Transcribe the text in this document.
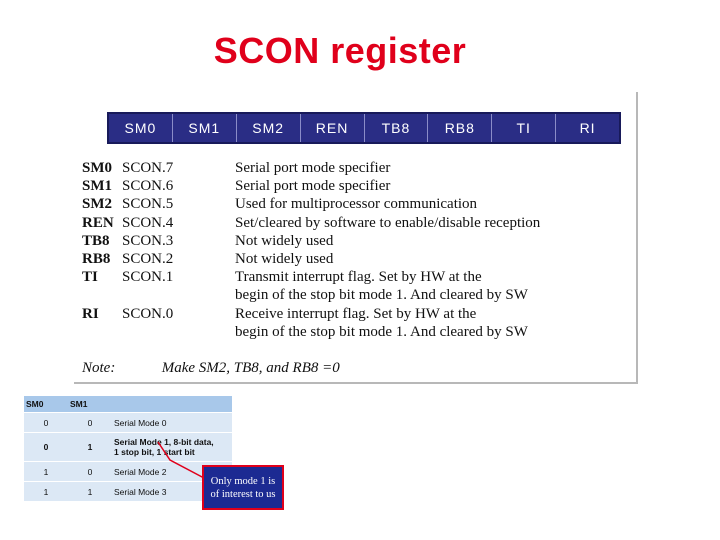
SCON register
SM0	SM1	SM2	REN	TB8	RB8	TI	RI
SM0 SCON.7	Serial port mode specifier
SM1 SCON.6	Serial port mode specifier
SM2 SCON.5	Used for multiprocessor communication
REN SCON.4	Set/cleared by software to enable/disable reception
TB8 SCON.3	Not widely used
RB8 SCON.2	Not widely used
TI	SCON.1	Transmit interrupt flag. Set by HW at the
begin of the stop bit mode 1. And cleared by SW
RI	SCON.0	Receive interrupt flag. Set by HW at the
begin of the stop bit mode 1. And cleared by SW
Note:	Make SM2, TB8, and RB8 =0
SM0	SM1	
0	0	Serial Mode 0
0	1	Serial Mode 1, 8-bit data,
1 stop bit, 1 start bit
1	0	Serial Mode 2
1	1	Serial Mode 3
Only mode 1 is
of interest to us
